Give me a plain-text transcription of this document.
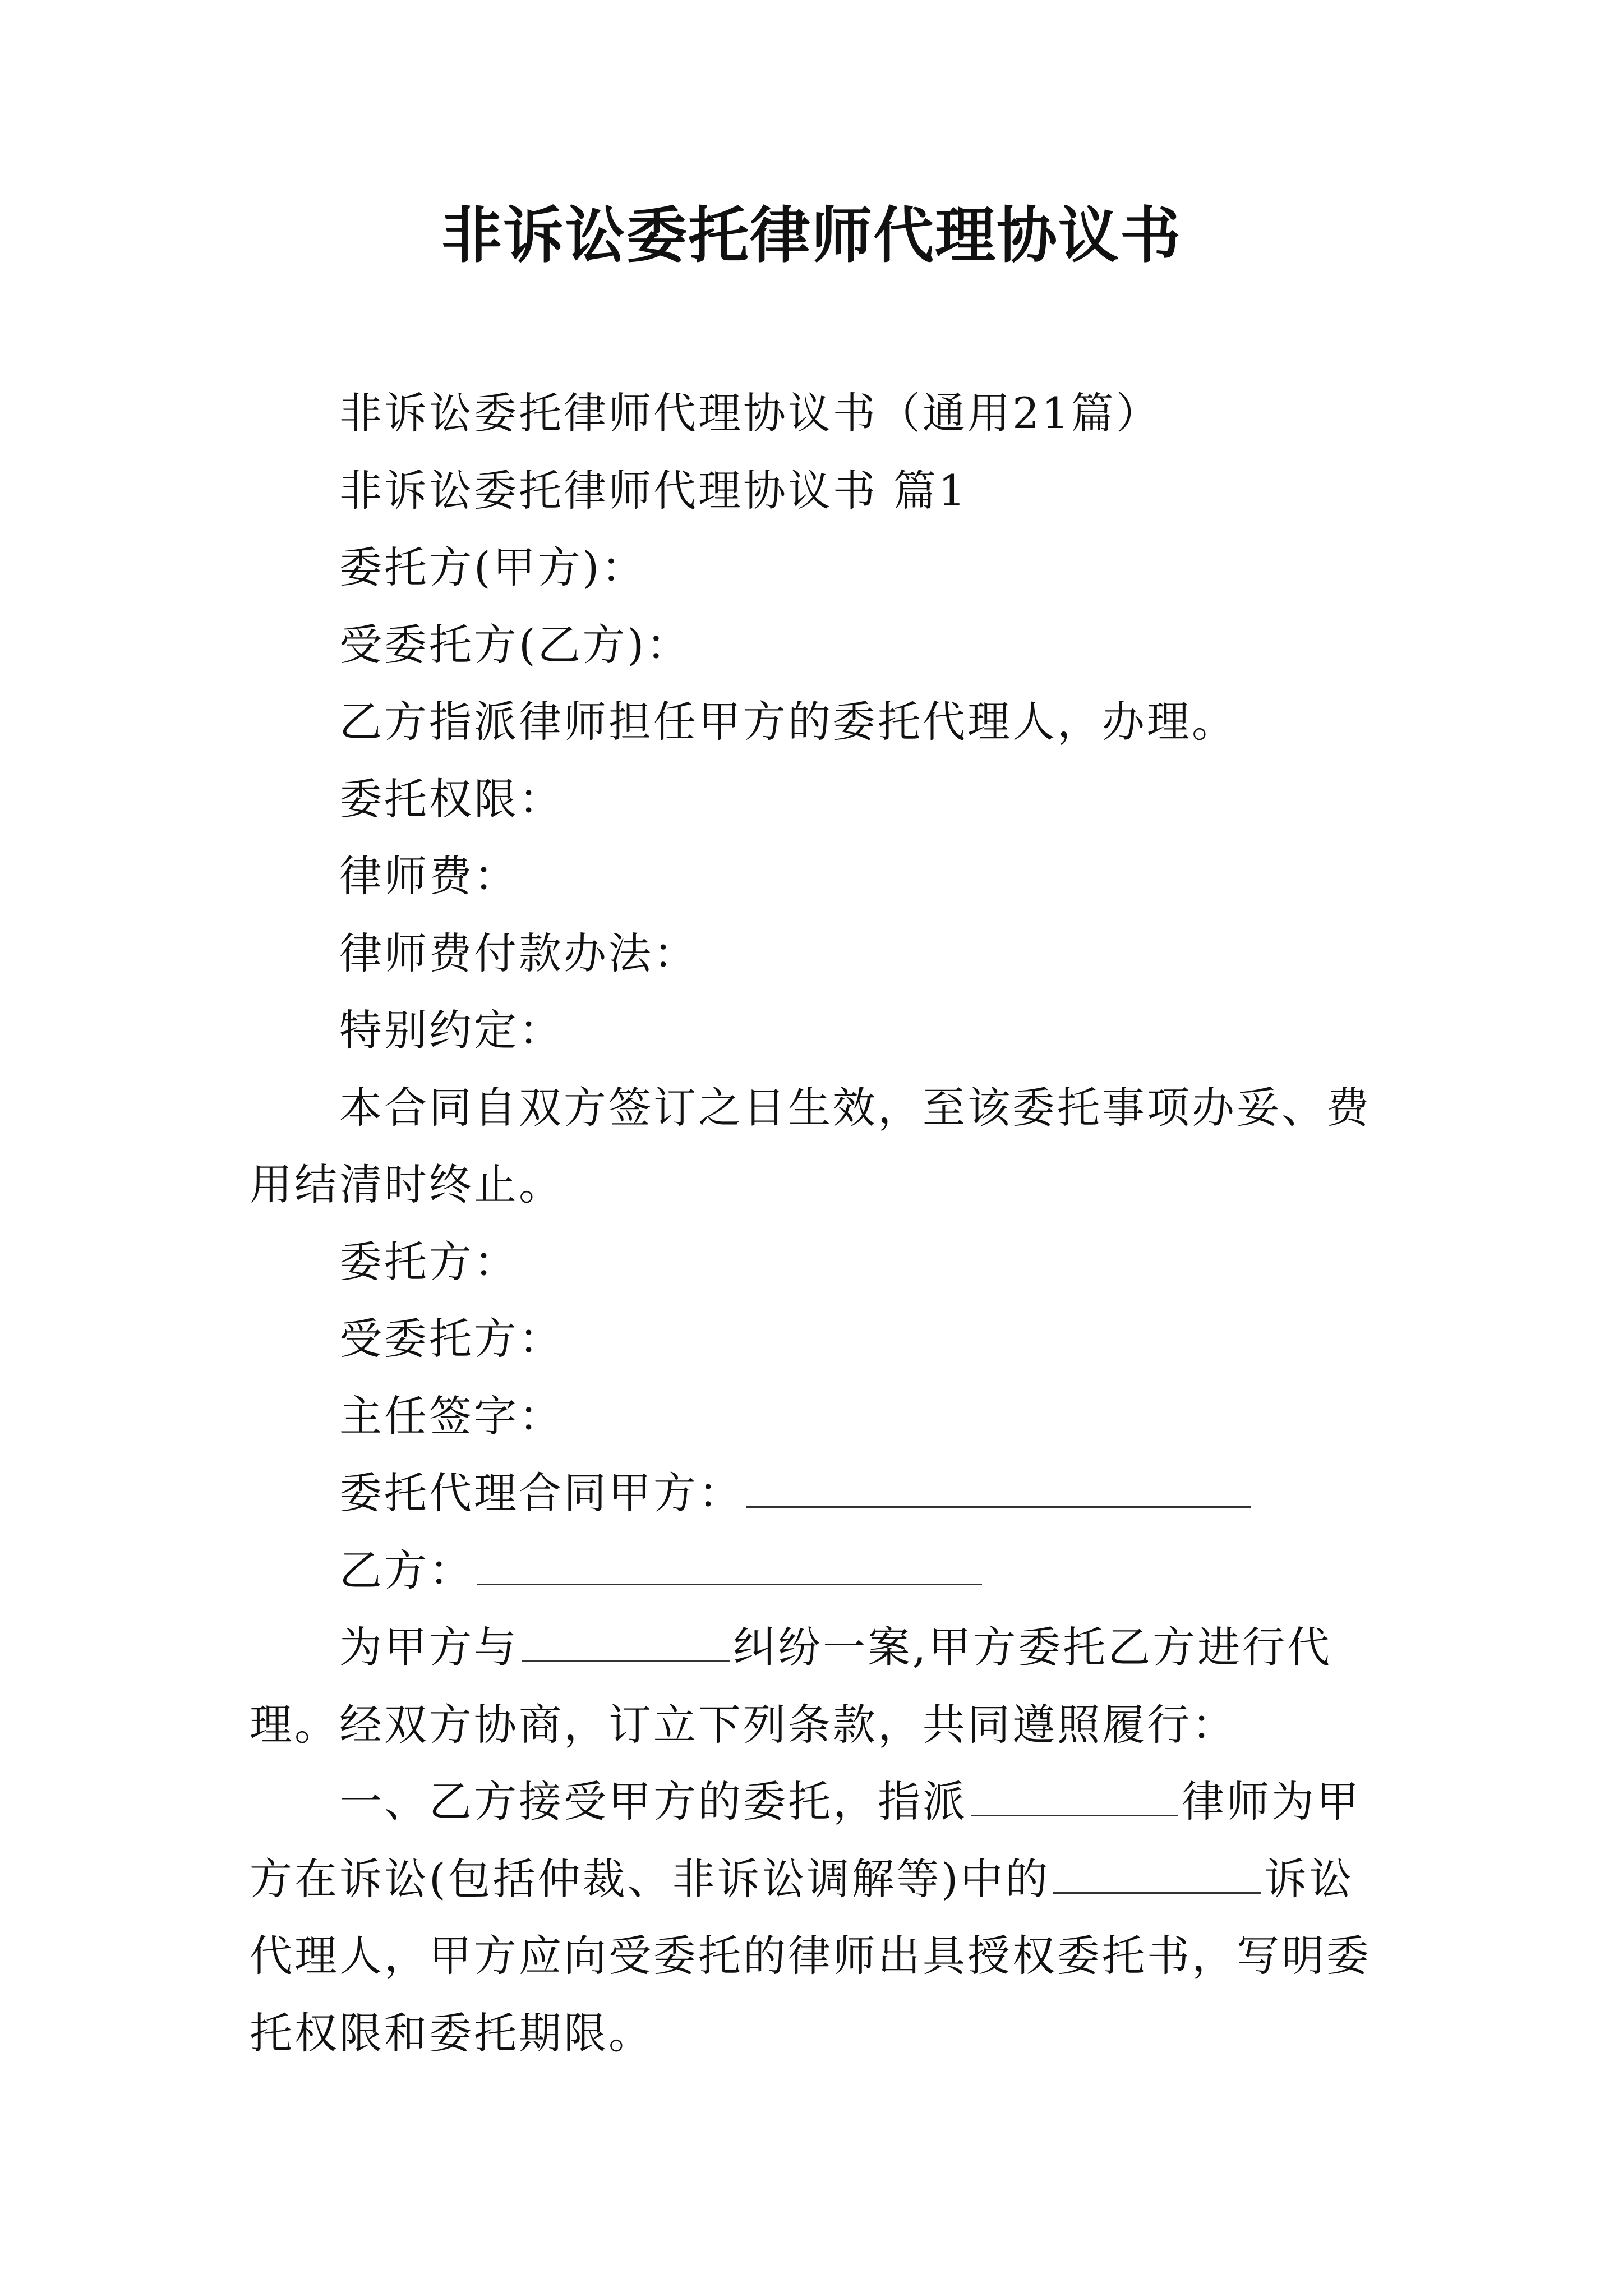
非诉讼委托律师代理协议书

非诉讼委托律师代理协议书（通用21篇）

非诉讼委托律师代理协议书 篇1

委托方(甲方)：

受委托方(乙方)：

乙方指派律师担任甲方的委托代理人，办理。

委托权限：

律师费：

律师费付款办法：

特别约定：

本合同自双方签订之日生效，至该委托事项办妥、费用结清时终止。

委托方：

受委托方：

主任签字：

委托代理合同甲方：

乙方：

为甲方与	纠纷一案,甲方委托乙方进行代理。经双方协商，订立下列条款，共同遵照履行：

一、乙方接受甲方的委托，指派	律师为甲方在诉讼(包括仲裁、非诉讼调解等)中的	诉讼代理人，甲方应向受委托的律师出具授权委托书，写明委托权限和委托期限。
